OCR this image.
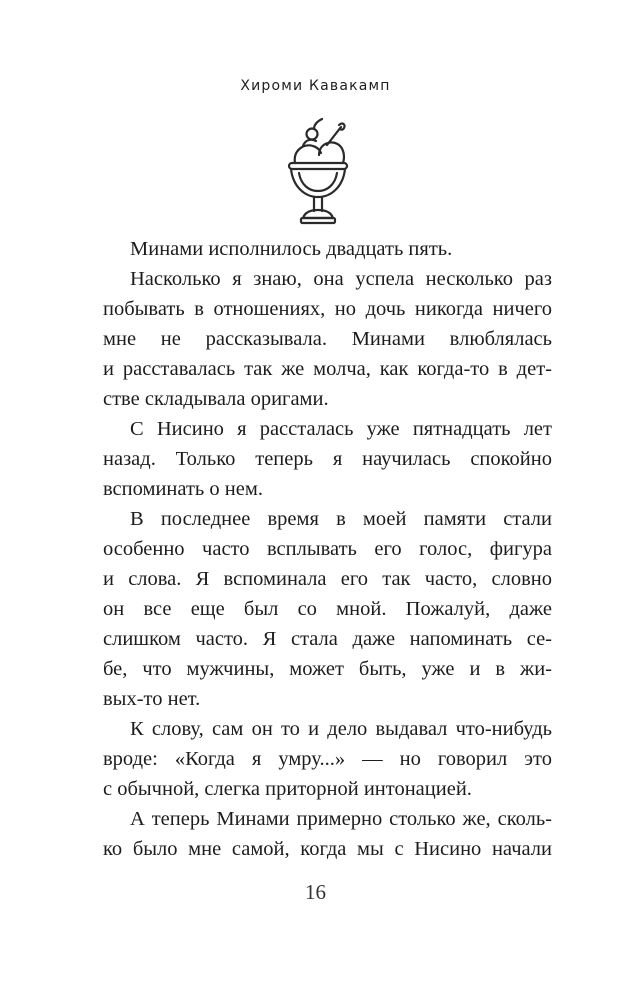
Хироми Кавакамп
Минами исполнилось двадцать пять.
Насколько я знаю, она успела несколько раз
побывать в отношениях, но дочь никогда ничего
мне не рассказывала. Минами влюблялась
и расставалась так же молча, как когда-то в дет-
стве складывала оригами.
С Нисино я рассталась уже пятнадцать лет
назад. Только теперь я научилась спокойно
вспоминать о нем.
В последнее время в моей памяти стали
особенно часто всплывать его голос, фигура
и слова. Я вспоминала его так часто, словно
он все еще был со мной. Пожалуй, даже
слишком часто. Я стала даже напоминать се-
бе, что мужчины, может быть, уже и в жи-
вых-то нет.
К слову, сам он то и дело выдавал что-нибудь
вроде: «Когда я умру...» — но говорил это
с обычной, слегка приторной интонацией.
А теперь Минами примерно столько же, сколь-
ко было мне самой, когда мы с Нисино начали
16
